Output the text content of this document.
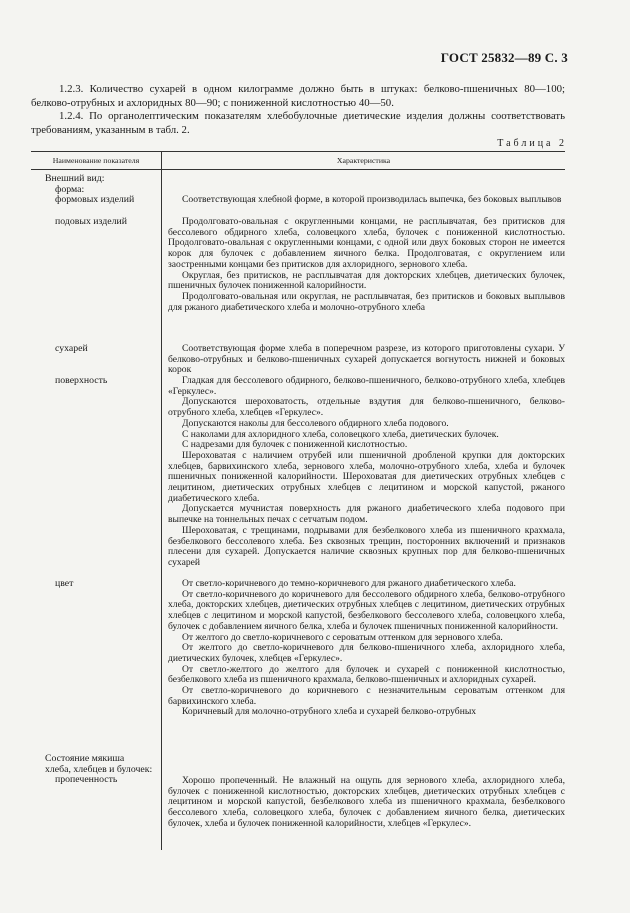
ГОСТ 25832—89 С. 3

1.2.3. Количество сухарей в одном килограмме должно быть в штуках: белково-пшеничных 80—100; белково-отрубных и ахлоридных 80—90; с пониженной кислотностью 40—50.

1.2.4. По органолептическим показателям хлебобулочные диетические изделия должны соответствовать требованиям, указанным в табл. 2.

Таблица 2
Наименование показателя	Характеристика
Внешний вид:
форма:
формовых изделий
подовых изделий
сухарей
поверхность
цвет
Состояние мякиша
хлеба, хлебцев и булочек:
пропеченность

Соответствующая хлебной форме, в которой производилась выпечка, без боковых выплывов

Продолговато-овальная с округленными концами, не расплывчатая, без притисков для бессолевого обдирного хлеба, соловецкого хлеба, булочек с пониженной кислотностью. Продолговато-овальная с округленными концами, с одной или двух боковых сторон не имеется корок для булочек с добавлением яичного белка. Продолговатая, с округлением или заостренными концами без притисков для ахлоридного, зернового хлеба.

Округлая, без притисков, не расплывчатая для докторских хлебцев, диетических булочек, пшеничных булочек пониженной калорийности.

Продолговато-овальная или округлая, не расплывчатая, без притисков и боковых выплывов для ржаного диабетического хлеба и молочно-отрубного хлеба

Соответствующая форме хлеба в поперечном разрезе, из которого приготовлены сухари. У белково-отрубных и белково-пшеничных сухарей допускается вогнутость нижней и боковых корок

Гладкая для бессолевого обдирного, белково-пшеничного, белково-отрубного хлеба, хлебцев «Геркулес».

Допускаются шероховатость, отдельные вздутия для белково-пшеничного, белково-отрубного хлеба, хлебцев «Геркулес».

Допускаются наколы для бессолевого обдирного хлеба подового.

С наколами для ахлоридного хлеба, соловецкого хлеба, диетических булочек.

С надрезами для булочек с пониженной кислотностью.

Шероховатая с наличием отрубей или пшеничной дробленой крупки для докторских хлебцев, барвихинского хлеба, зернового хлеба, молочно-отрубного хлеба, хлеба и булочек пшеничных пониженной калорийности. Шероховатая для диетических отрубных хлебцев с лецитином, диетических отрубных хлебцев с лецитином и морской капустой, ржаного диабетического хлеба.

Допускается мучнистая поверхность для ржаного диабетического хлеба подового при выпечке на тоннельных печах с сетчатым подом.

Шероховатая, с трещинами, подрывами для безбелкового хлеба из пшеничного крахмала, безбелкового бессолевого хлеба. Без сквозных трещин, посторонних включений и признаков плесени для сухарей. Допускается наличие сквозных крупных пор для белково-пшеничных сухарей

От светло-коричневого до темно-коричневого для ржаного диабетического хлеба.

От светло-коричневого до коричневого для бессолевого обдирного хлеба, белково-отрубного хлеба, докторских хлебцев, диетических отрубных хлебцев с лецитином, диетических отрубных хлебцев с лецитином и морской капустой, безбелкового бессолевого хлеба, соловецкого хлеба, булочек с добавлением яичного белка, хлеба и булочек пшеничных пониженной калорийности.

От желтого до светло-коричневого с сероватым оттенком для зернового хлеба.

От желтого до светло-коричневого для белково-пшеничного хлеба, ахлоридного хлеба, диетических булочек, хлебцев «Геркулес».

От светло-желтого до желтого для булочек и сухарей с пониженной кислотностью, безбелкового хлеба из пшеничного крахмала, белково-пшеничных и ахлоридных сухарей.

От светло-коричневого до коричневого с незначительным сероватым оттенком для барвихинского хлеба.

Коричневый для молочно-отрубного хлеба и сухарей белково-отрубных

Хорошо пропеченный. Не влажный на ощупь для зернового хлеба, ахлоридного хлеба, булочек с пониженной кислотностью, докторских хлебцев, диетических отрубных хлебцев с лецитином и морской капустой, безбелкового хлеба из пшеничного крахмала, безбелкового бессолевого хлеба, соловецкого хлеба, булочек с добавлением яичного белка, диетических булочек, хлеба и булочек пониженной калорийности, хлебцев «Геркулес».
